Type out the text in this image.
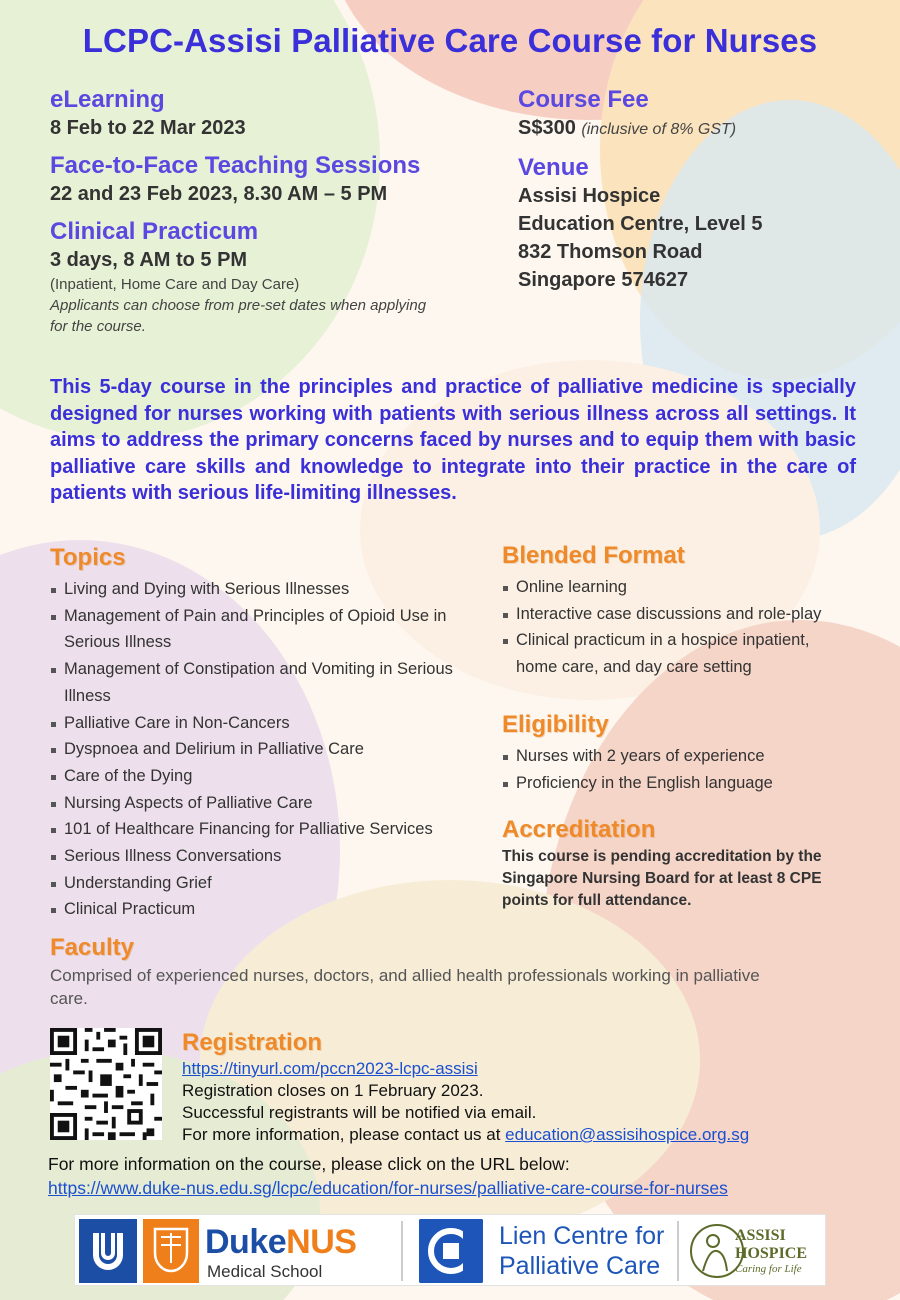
LCPC-Assisi Palliative Care Course for Nurses
eLearning
8 Feb to 22 Mar 2023
Face-to-Face Teaching Sessions
22 and 23 Feb 2023, 8.30 AM – 5 PM
Clinical Practicum
3 days, 8 AM to 5 PM
(Inpatient, Home Care and Day Care)
Applicants can choose from pre-set dates when applying for the course.
Course Fee
S$300 (inclusive of 8% GST)
Venue
Assisi Hospice
Education Centre, Level 5
832 Thomson Road
Singapore 574627
This 5-day course in the principles and practice of palliative medicine is specially designed for nurses working with patients with serious illness across all settings. It aims to address the primary concerns faced by nurses and to equip them with basic palliative care skills and knowledge to integrate into their practice in the care of patients with serious life-limiting illnesses.
Topics
Living and Dying with Serious Illnesses
Management of Pain and Principles of Opioid Use in Serious Illness
Management of Constipation and Vomiting in Serious Illness
Palliative Care in Non-Cancers
Dyspnoea and Delirium in Palliative Care
Care of the Dying
Nursing Aspects of Palliative Care
101 of Healthcare Financing for Palliative Services
Serious Illness Conversations
Understanding Grief
Clinical Practicum
Blended Format
Online learning
Interactive case discussions and role-play
Clinical practicum in a hospice inpatient, home care, and day care setting
Eligibility
Nurses with 2 years of experience
Proficiency in the English language
Accreditation
This course is pending accreditation by the Singapore Nursing Board for at least 8 CPE points for full attendance.
Faculty
Comprised of experienced nurses, doctors, and allied health professionals working in palliative care.
Registration
https://tinyurl.com/pccn2023-lcpc-assisi
Registration closes on 1 February 2023.
Successful registrants will be notified via email.
For more information, please contact us at education@assisihospice.org.sg
For more information on the course, please click on the URL below:
https://www.duke-nus.edu.sg/lcpc/education/for-nurses/palliative-care-course-for-nurses
DukeNUS
Medical School
Lien Centre for
Palliative Care
ASSISI
HOSPICE
Caring for Life
